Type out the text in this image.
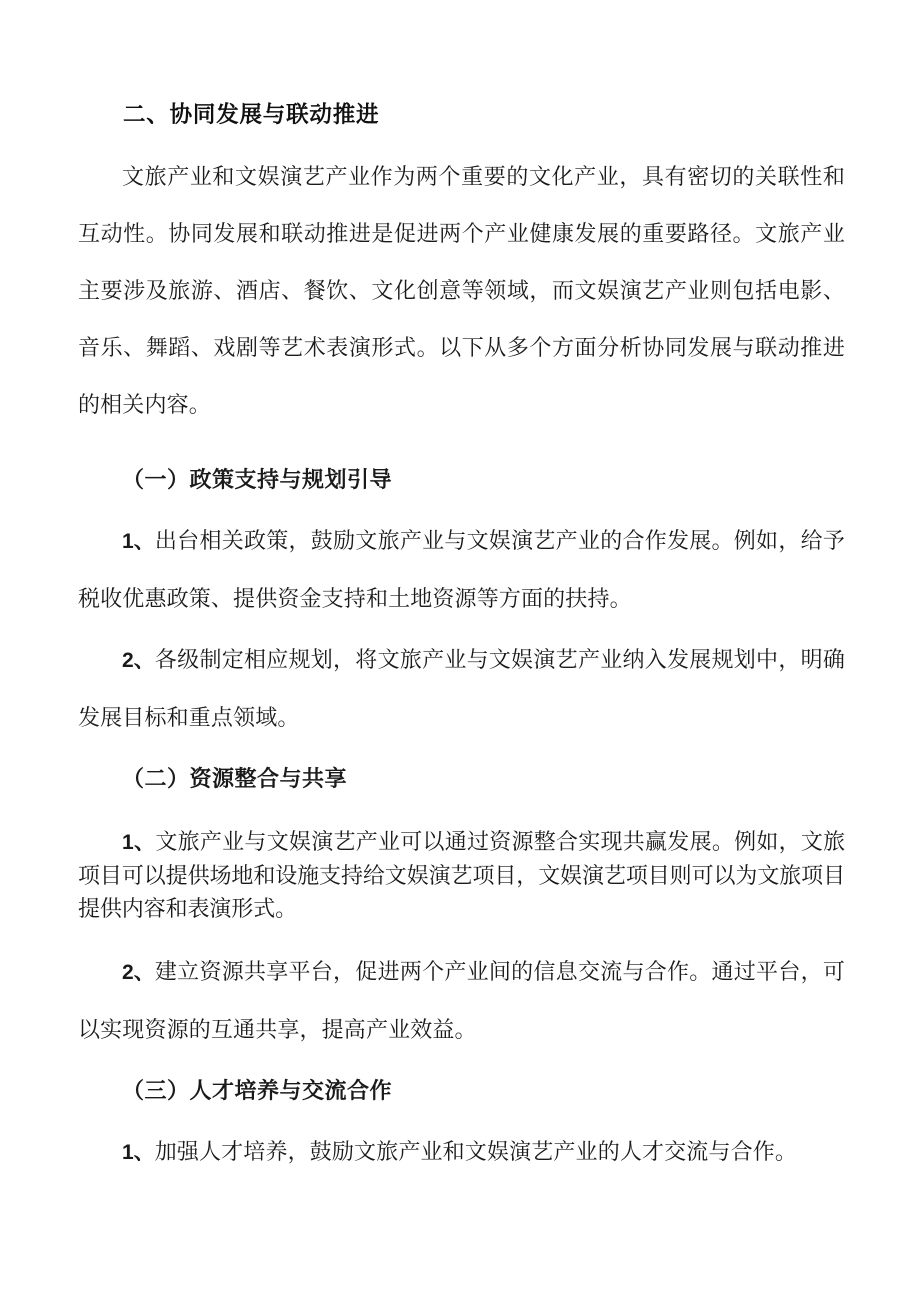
二、协同发展与联动推进

文旅产业和文娱演艺产业作为两个重要的文化产业，具有密切的关联性和互动性。协同发展和联动推进是促进两个产业健康发展的重要路径。文旅产业主要涉及旅游、酒店、餐饮、文化创意等领域，而文娱演艺产业则包括电影、音乐、舞蹈、戏剧等艺术表演形式。以下从多个方面分析协同发展与联动推进的相关内容。

（一）政策支持与规划引导

1、出台相关政策，鼓励文旅产业与文娱演艺产业的合作发展。例如，给予税收优惠政策、提供资金支持和土地资源等方面的扶持。

2、各级制定相应规划，将文旅产业与文娱演艺产业纳入发展规划中，明确发展目标和重点领域。

（二）资源整合与共享

1、文旅产业与文娱演艺产业可以通过资源整合实现共赢发展。例如，文旅项目可以提供场地和设施支持给文娱演艺项目，文娱演艺项目则可以为文旅项目提供内容和表演形式。

2、建立资源共享平台，促进两个产业间的信息交流与合作。通过平台，可以实现资源的互通共享，提高产业效益。

（三）人才培养与交流合作

1、加强人才培养，鼓励文旅产业和文娱演艺产业的人才交流与合作。
